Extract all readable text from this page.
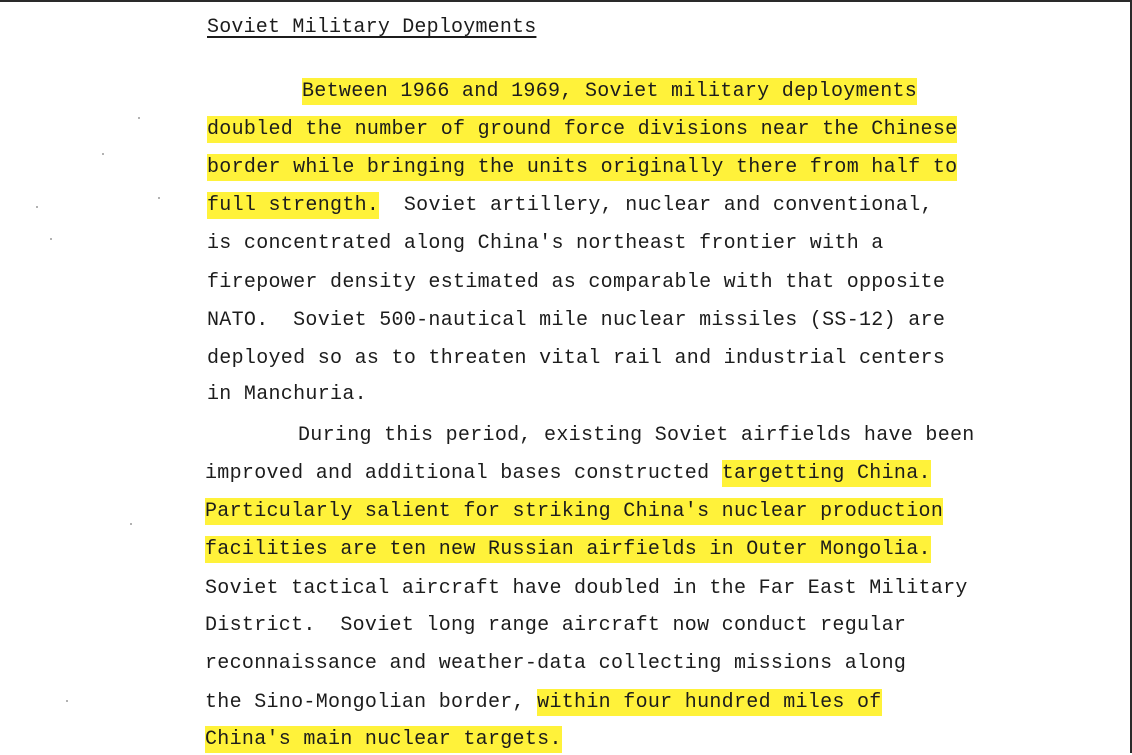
Soviet Military Deployments
Between 1966 and 1969, Soviet military deployments
doubled the number of ground force divisions near the Chinese
border while bringing the units originally there from half to
full strength.  Soviet artillery, nuclear and conventional,
is concentrated along China's northeast frontier with a
firepower density estimated as comparable with that opposite
NATO.  Soviet 500-nautical mile nuclear missiles (SS-12) are
deployed so as to threaten vital rail and industrial centers
in Manchuria.
During this period, existing Soviet airfields have been
improved and additional bases constructed targetting China.
Particularly salient for striking China's nuclear production
facilities are ten new Russian airfields in Outer Mongolia.
Soviet tactical aircraft have doubled in the Far East Military
District.  Soviet long range aircraft now conduct regular
reconnaissance and weather-data collecting missions along
the Sino-Mongolian border, within four hundred miles of
China's main nuclear targets.
